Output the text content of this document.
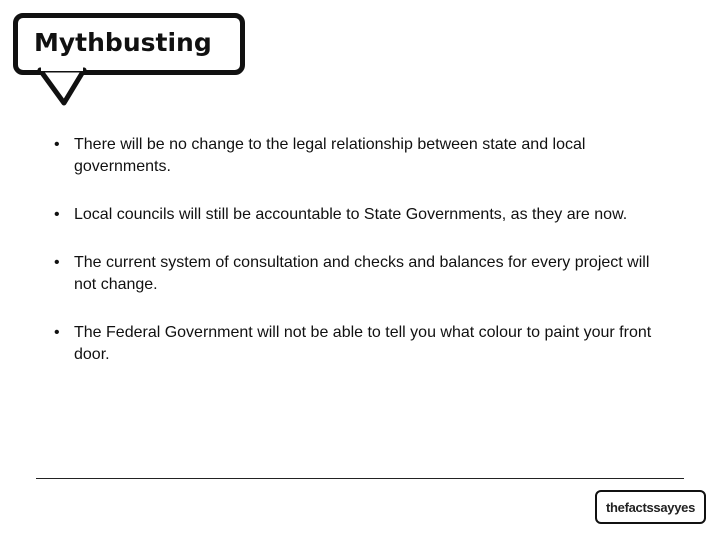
Mythbusting
• There will be no change to the legal relationship between state and local governments.
• Local councils will still be accountable to State Governments, as they are now.
• The current system of consultation and checks and balances for every project will not change.
• The Federal Government will not be able to tell you what colour to paint your front door.
thefactssayyes
